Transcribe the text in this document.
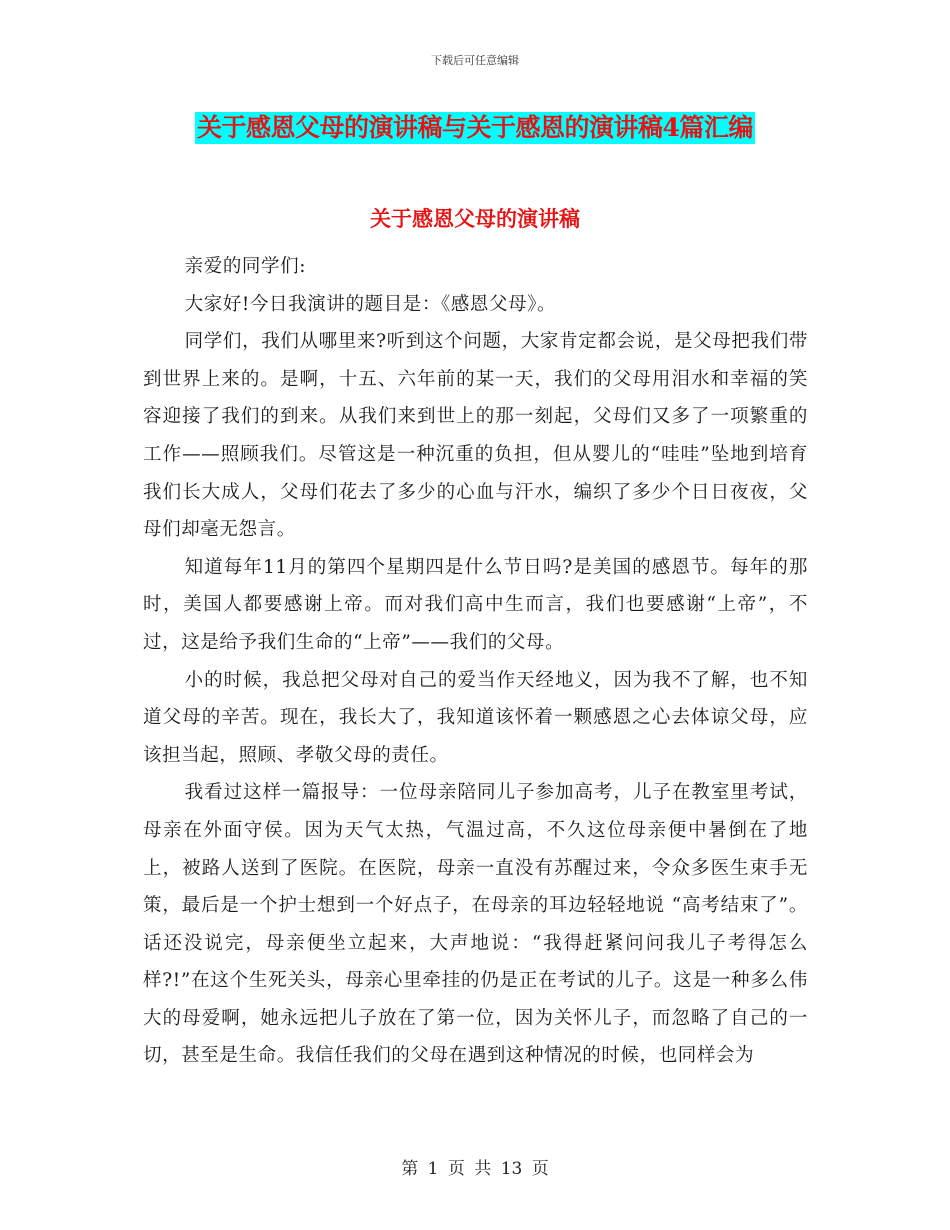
下载后可任意编辑
关于感恩父母的演讲稿与关于感恩的演讲稿4篇汇编
关于感恩父母的演讲稿

亲爱的同学们:

大家好!今日我演讲的题目是：《感恩父母》。

同学们，我们从哪里来?听到这个问题，大家肯定都会说，是父母把我们带到世界上来的。是啊，十五、六年前的某一天，我们的父母用泪水和幸福的笑容迎接了我们的到来。从我们来到世上的那一刻起，父母们又多了一项繁重的工作——照顾我们。尽管这是一种沉重的负担，但从婴儿的“哇哇”坠地到培育我们长大成人，父母们花去了多少的心血与汗水，编织了多少个日日夜夜，父母们却毫无怨言。

知道每年11月的第四个星期四是什么节日吗?是美国的感恩节。每年的那时，美国人都要感谢上帝。而对我们高中生而言，我们也要感谢“上帝”，不过，这是给予我们生命的“上帝”——我们的父母。

小的时候，我总把父母对自己的爱当作天经地义，因为我不了解，也不知道父母的辛苦。现在，我长大了，我知道该怀着一颗感恩之心去体谅父母，应该担当起，照顾、孝敬父母的责任。

我看过这样一篇报导：一位母亲陪同儿子参加高考，儿子在教室里考试，母亲在外面守侯。因为天气太热，气温过高，不久这位母亲便中暑倒在了地上，被路人送到了医院。在医院，母亲一直没有苏醒过来，令众多医生束手无策，最后是一个护士想到一个好点子，在母亲的耳边轻轻地说 “高考结束了”。话还没说完，母亲便坐立起来，大声地说：“我得赶紧问问我儿子考得怎么样?!”在这个生死关头，母亲心里牵挂的仍是正在考试的儿子。这是一种多么伟大的母爱啊，她永远把儿子放在了第一位，因为关怀儿子，而忽略了自己的一切，甚至是生命。我信任我们的父母在遇到这种情况的时候，也同样会为

第 1 页 共 13 页
